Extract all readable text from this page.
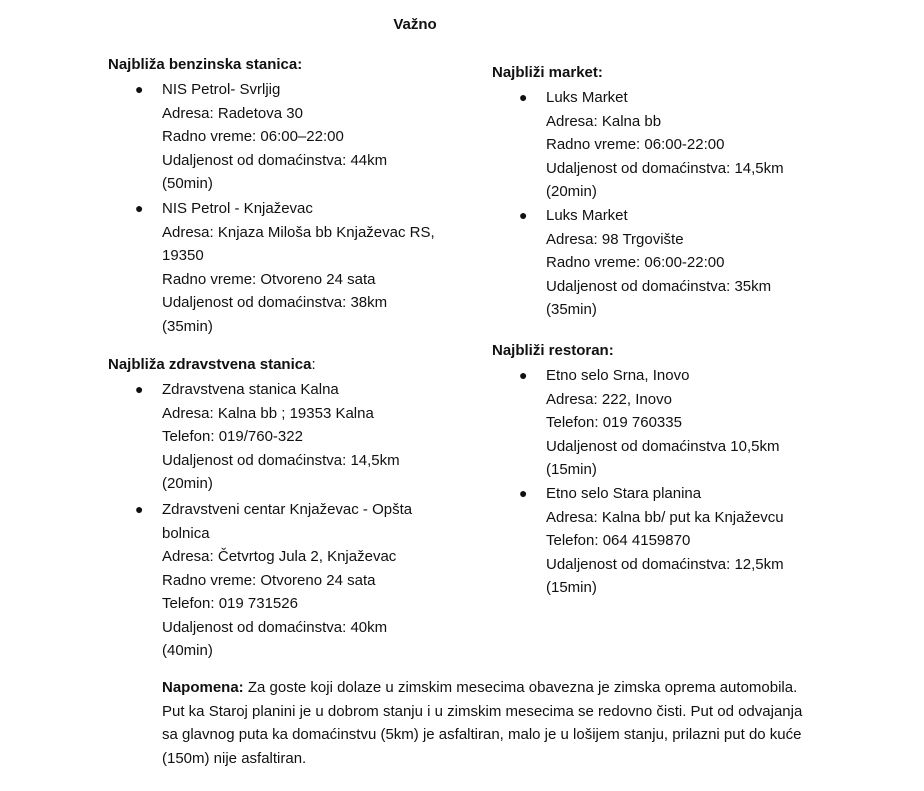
Važno
Najbliža benzinska stanica:
● NIS Petrol- Svrljig
Adresa: Radetova 30
Radno vreme: 06:00–22:00
Udaljenost od domaćinstva: 44km (50min)
● NIS Petrol - Knjaževac
Adresa: Knjaza Miloša bb Knjaževac RS, 19350
Radno vreme: Otvoreno 24 sata
Udaljenost od domaćinstva: 38km (35min)
Najbliža zdravstvena stanica:
● Zdravstvena stanica Kalna
Adresa: Kalna bb ; 19353 Kalna
Telefon: 019/760‑322
Udaljenost od domaćinstva: 14,5km (20min)
● Zdravstveni centar Knjaževac - Opšta bolnica
Adresa: Četvrtog Jula 2, Knjaževac
Radno vreme: Otvoreno 24 sata
Telefon: 019 731526
Udaljenost od domaćinstva: 40km (40min)
Najbliži market:
● Luks Market
Adresa: Kalna bb
Radno vreme: 06:00-22:00
Udaljenost od domaćinstva: 14,5km (20min)
● Luks Market
Adresa: 98 Trgovište
Radno vreme: 06:00-22:00
Udaljenost od domaćinstva: 35km (35min)
Najbliži restoran:
● Etno selo Srna, Inovo
Adresa: 222, Inovo
Telefon: 019 760335
Udaljenost od domaćinstva 10,5km (15min)
● Etno selo Stara planina
Adresa: Kalna bb/ put ka Knjaževcu
Telefon: 064 4159870
Udaljenost od domaćinstva: 12,5km (15min)
Napomena: Za goste koji dolaze u zimskim mesecima obavezna je zimska oprema automobila. Put ka Staroj planini je u dobrom stanju i u zimskim mesecima se redovno čisti. Put od odvajanja sa glavnog puta ka domaćinstvu (5km) je asfaltiran, malo je u lošijem stanju, prilazni put do kuće (150m) nije asfaltiran.
